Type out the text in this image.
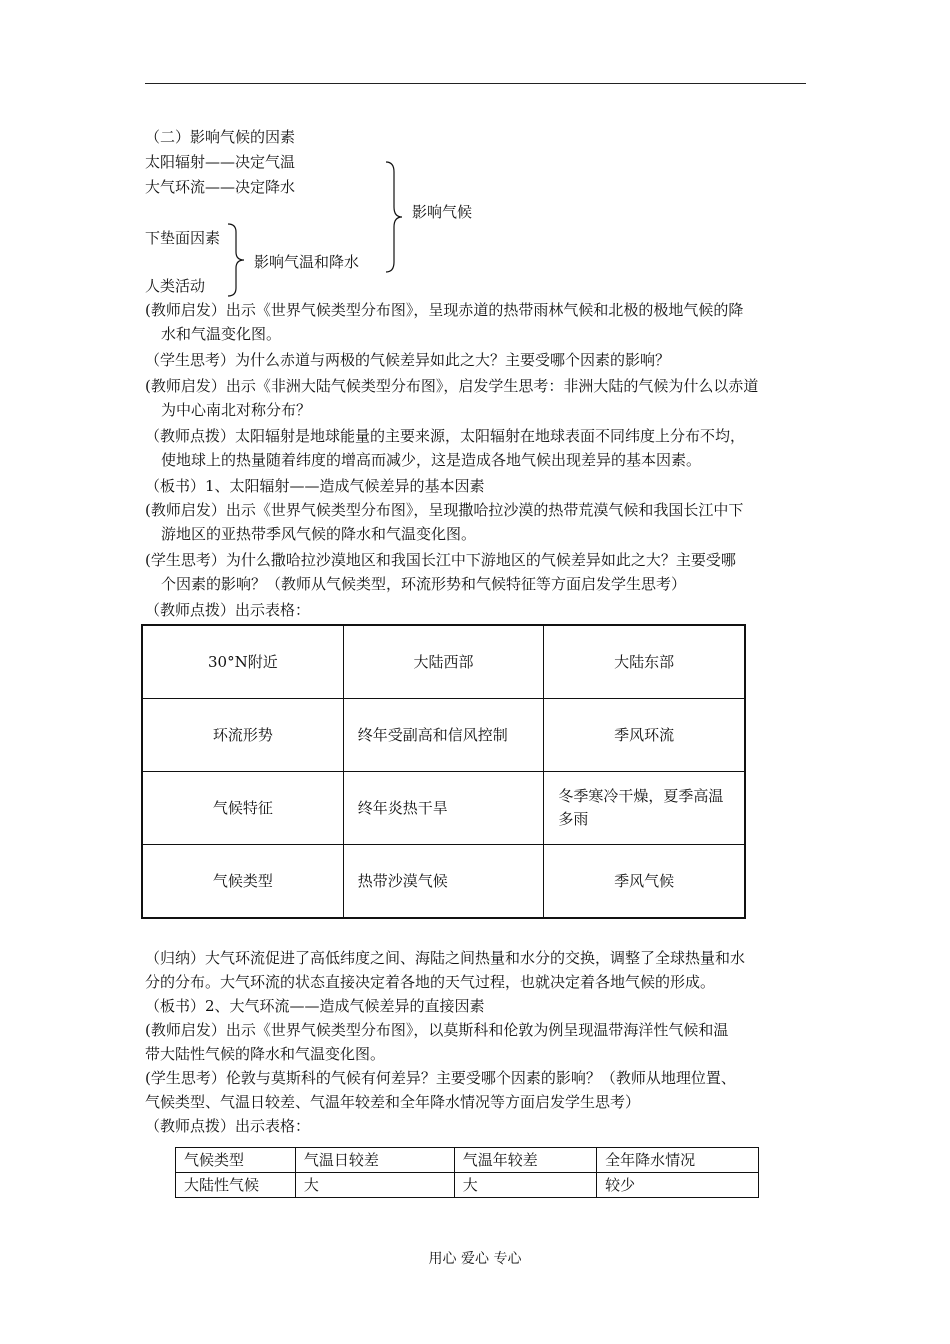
（二）影响气候的因素
太阳辐射——决定气温
大气环流——决定降水
下垫面因素
人类活动
影响气温和降水
影响气候
(教师启发）出示《世界气候类型分布图》，呈现赤道的热带雨林气候和北极的极地气候的降
水和气温变化图。
（学生思考）为什么赤道与两极的气候差异如此之大？主要受哪个因素的影响？
(教师启发）出示《非洲大陆气候类型分布图》，启发学生思考：非洲大陆的气候为什么以赤道
为中心南北对称分布？
（教师点拨）太阳辐射是地球能量的主要来源，太阳辐射在地球表面不同纬度上分布不均，
使地球上的热量随着纬度的增高而减少，这是造成各地气候出现差异的基本因素。
（板书）1、太阳辐射——造成气候差异的基本因素
(教师启发）出示《世界气候类型分布图》，呈现撒哈拉沙漠的热带荒漠气候和我国长江中下
游地区的亚热带季风气候的降水和气温变化图。
(学生思考）为什么撒哈拉沙漠地区和我国长江中下游地区的气候差异如此之大？主要受哪
个因素的影响？（教师从气候类型，环流形势和气候特征等方面启发学生思考）
（教师点拨）出示表格：
30°N附近	大陆西部	大陆东部
环流形势	终年受副高和信风控制	季风环流
气候特征	终年炎热干旱	冬季寒冷干燥，夏季高温多雨
气候类型	热带沙漠气候	季风气候
（归纳）大气环流促进了高低纬度之间、海陆之间热量和水分的交换，调整了全球热量和水
分的分布。大气环流的状态直接决定着各地的天气过程，也就决定着各地气候的形成。
（板书）2、大气环流——造成气候差异的直接因素
(教师启发）出示《世界气候类型分布图》，以莫斯科和伦敦为例呈现温带海洋性气候和温
带大陆性气候的降水和气温变化图。
(学生思考）伦敦与莫斯科的气候有何差异？主要受哪个因素的影响？（教师从地理位置、
气候类型、气温日较差、气温年较差和全年降水情况等方面启发学生思考）
（教师点拨）出示表格：
气候类型	气温日较差	气温年较差	全年降水情况
大陆性气候	大	大	较少
用心 爱心 专心
